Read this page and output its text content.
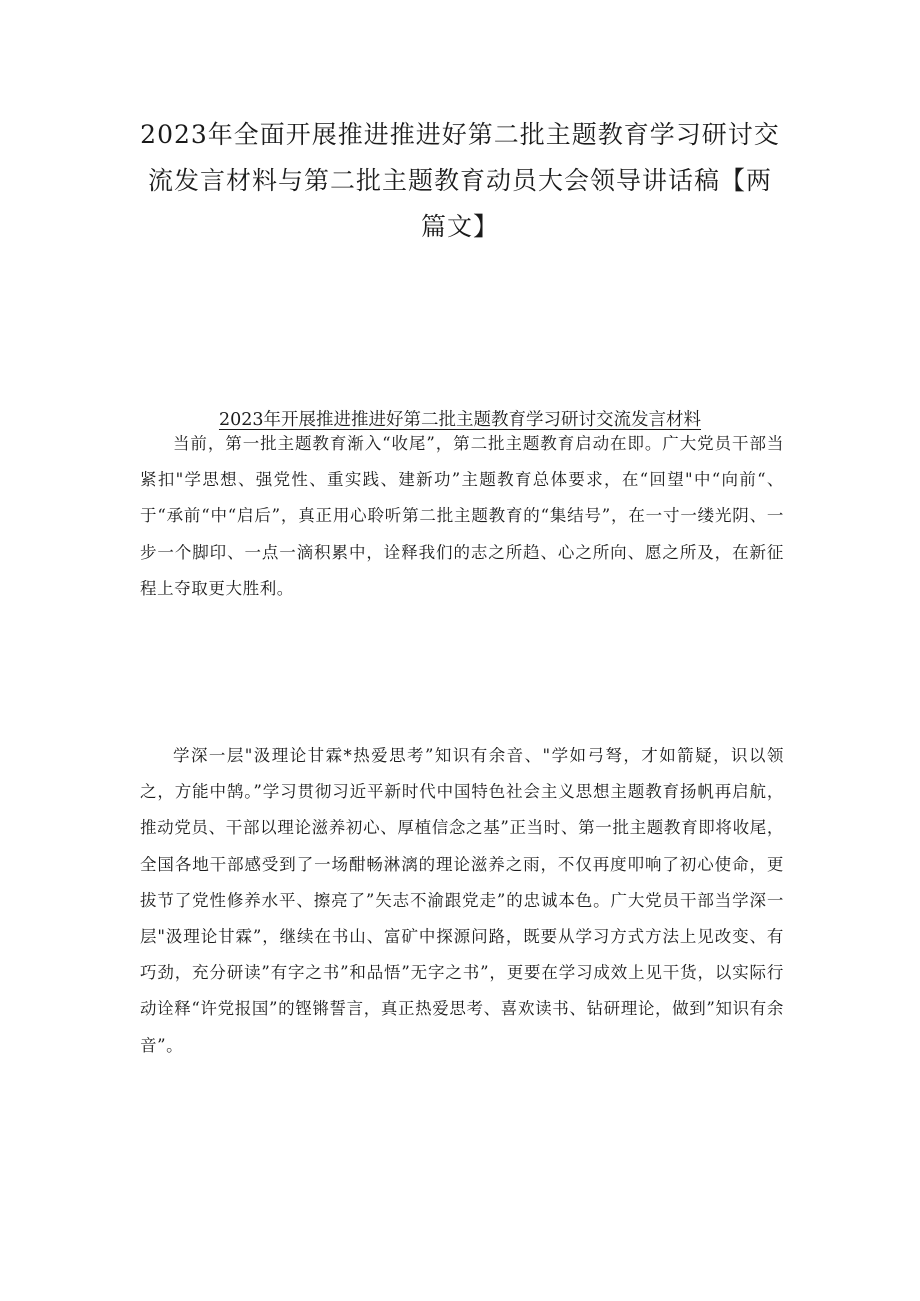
2023年全面开展推进推进好第二批主题教育学习研讨交流发言材料与第二批主题教育动员大会领导讲话稿【两篇文】
2023年开展推进推进好第二批主题教育学习研讨交流发言材料

当前，第一批主题教育渐入“收尾”，第二批主题教育启动在即。广大党员干部当紧扣"学思想、强党性、重实践、建新功”主题教育总体要求，在“回望"中“向前“、于“承前“中“启后”，真正用心聆听第二批主题教育的“集结号”，在一寸一缕光阴、一步一个脚印、一点一滴积累中，诠释我们的志之所趋、心之所向、愿之所及，在新征程上夺取更大胜利。

学深一层"汲理论甘霖*热爱思考”知识有余音、"学如弓弩，才如箭疑，识以领之，方能中鹄。”学习贯彻习近平新时代中国特色社会主义思想主题教育扬帆再启航，推动党员、干部以理论滋养初心、厚植信念之基”正当时、第一批主题教育即将收尾，全国各地干部感受到了一场酣畅淋漓的理论滋养之雨，不仅再度叩响了初心使命，更拔节了党性修养水平、擦亮了”矢志不渝跟党走”的忠诚本色。广大党员干部当学深一层"汲理论甘霖”，继续在书山、富矿中探源问路，既要从学习方式方法上见改变、有巧劲，充分研读”有字之书”和品悟”无字之书”，更要在学习成效上见干货，以实际行动诠释“许党报国”的铿锵誓言，真正热爱思考、喜欢读书、钻研理论，做到”知识有余音”。
